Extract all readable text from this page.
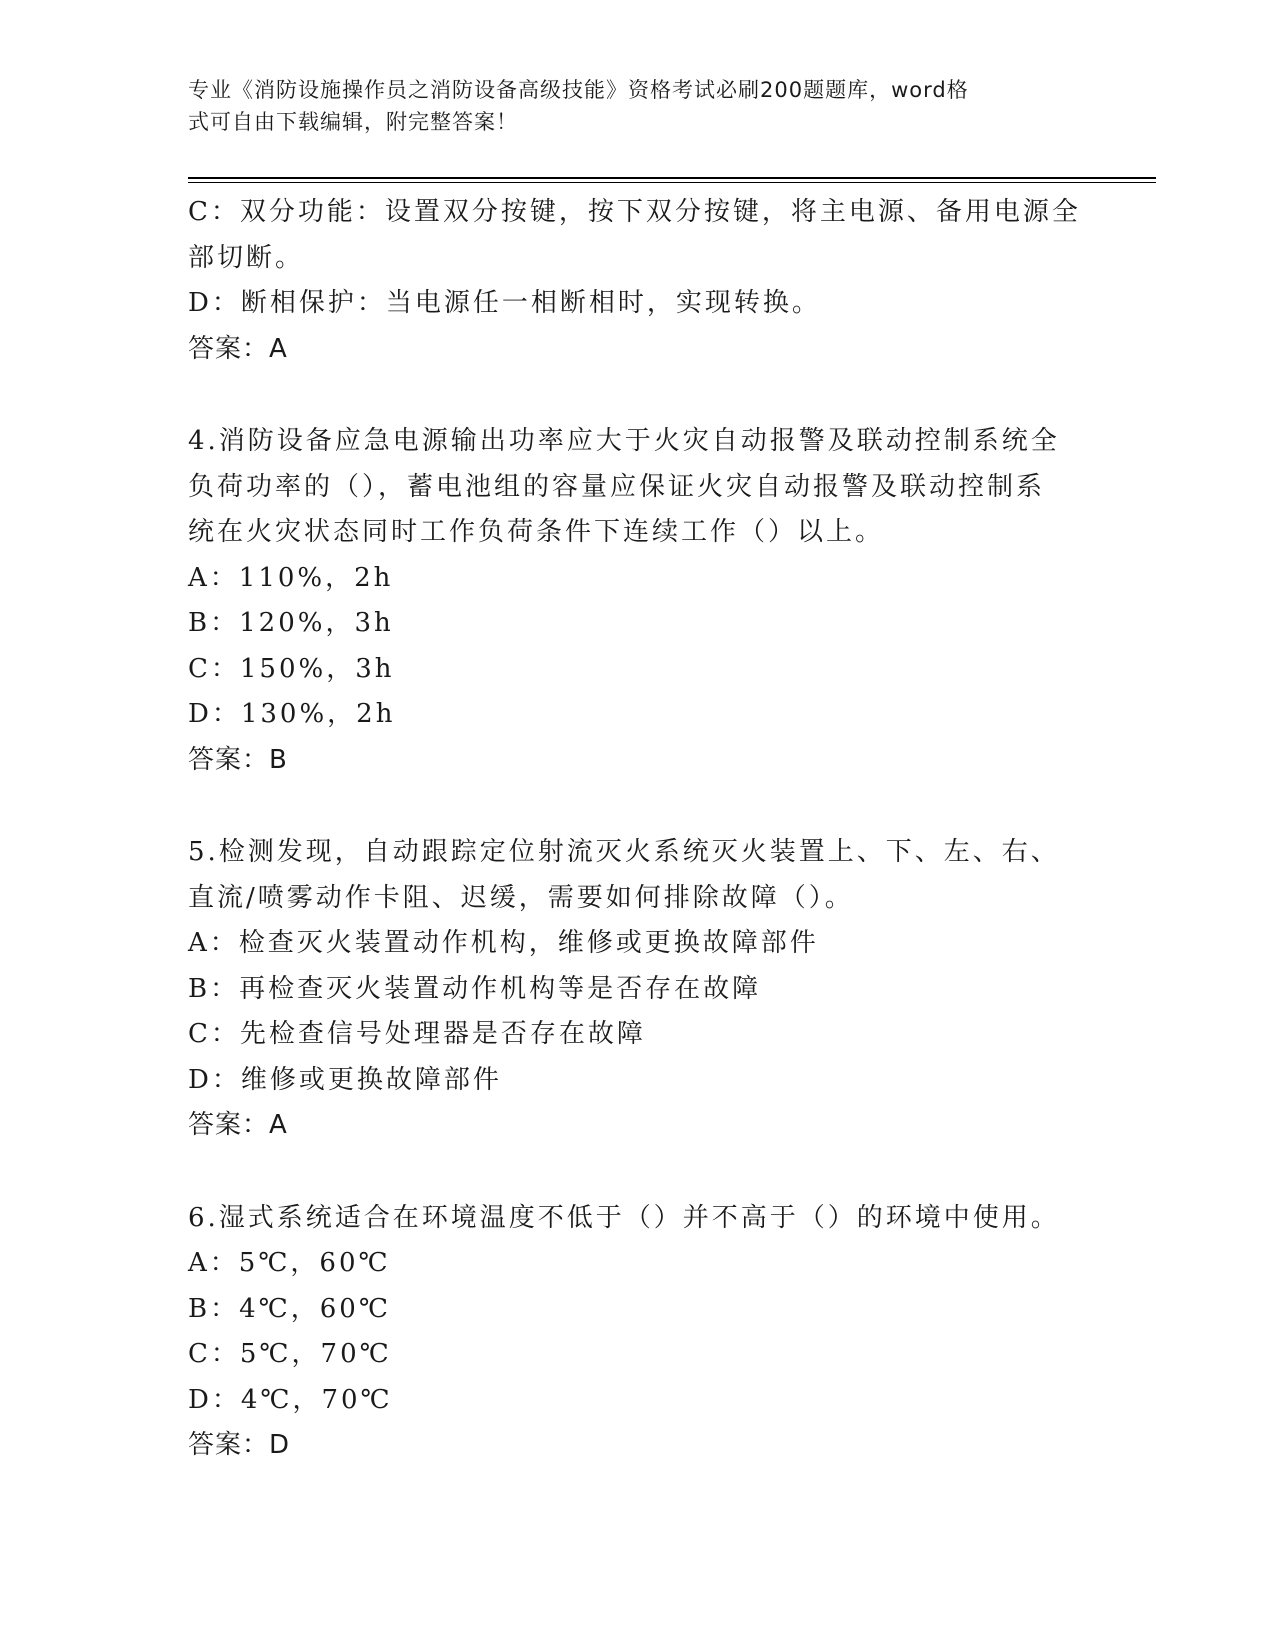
专业《消防设施操作员之消防设备高级技能》资格考试必刷200题题库，word格
式可自由下载编辑，附完整答案！
C：双分功能：设置双分按键，按下双分按键，将主电源、备用电源全
部切断。
D：断相保护：当电源任一相断相时，实现转换。
答案：A
4.消防设备应急电源输出功率应大于火灾自动报警及联动控制系统全
负荷功率的（），蓄电池组的容量应保证火灾自动报警及联动控制系
统在火灾状态同时工作负荷条件下连续工作（）以上。
A：110%，2h
B：120%，3h
C：150%，3h
D：130%，2h
答案：B
5.检测发现，自动跟踪定位射流灭火系统灭火装置上、下、左、右、
直流/喷雾动作卡阻、迟缓，需要如何排除故障（）。
A：检查灭火装置动作机构，维修或更换故障部件
B：再检查灭火装置动作机构等是否存在故障
C：先检查信号处理器是否存在故障
D：维修或更换故障部件
答案：A
6.湿式系统适合在环境温度不低于（）并不高于（）的环境中使用。
A：5℃，60℃
B：4℃，60℃
C：5℃，70℃
D：4℃，70℃
答案：D
